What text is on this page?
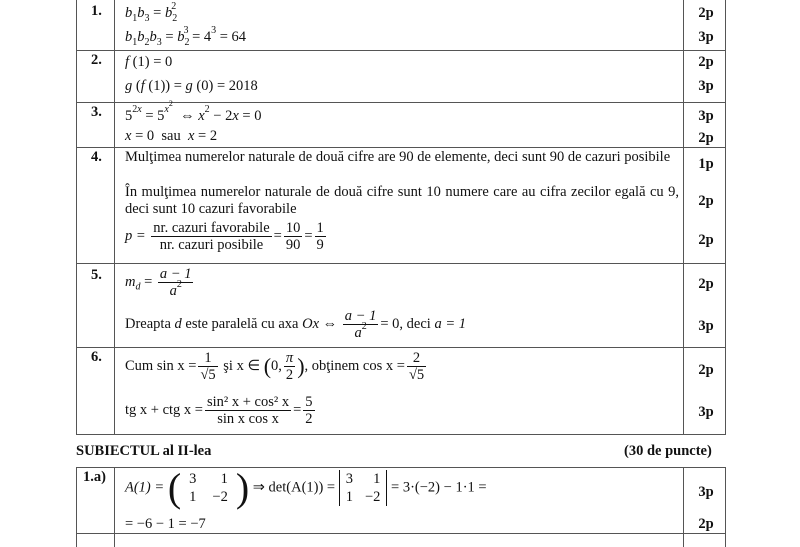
1. $b_1b_3 = b_2^2$
$b_1b_2b_3 = b_2^3 = 4^3 = 64$
2p
3p
2. f (1) = 0
g (f (1)) = g (0) = 2018
2p
3p
3. $5^{2x} = 5^{x^2}$  ⇔ $x^2 - 2x = 0$
x = 0  sau  x = 2
3p
2p
4. Mulţimea numerelor naturale de două cifre are 90 de elemente, deci sunt 90 de cazuri posibile
În mulţimea numerelor naturale de două cifre sunt 10 numere care au cifra zecilor egală cu 9, deci sunt 10 cazuri favorabile
$p = \frac{\text{nr. cazuri favorabile}}{\text{nr. cazuri posibile}} = \frac{10}{90} = \frac{1}{9}$
1p
2p
2p
5. $m_d = \frac{a - 1}{a^2}$
Dreapta d este paralelă cu axa Ox ⇔ $\frac{a - 1}{a^2} = 0$, deci a = 1
2p
3p
6.
Cum $\sin x = \frac{1}{√5}$ şi x ∈ (0, $\frac{\pi}{2}$ ), obţinem $\cos x = \frac{2}{√5}$
tg x + ctg $x = \frac{\text{sin² x + cos² x}}{\text{sin x cos x}} = \frac{5}{2}$
2p
3p
SUBIECTUL al II-lea	(30 de puncte)
1.a)
A(1) = ( 3	1
1	−2 ) ⇒ det(A(1)) =
3	1
1	−2
= 3·(−2) − 1·1 =
= −6 − 1 = −7
3p
2p
